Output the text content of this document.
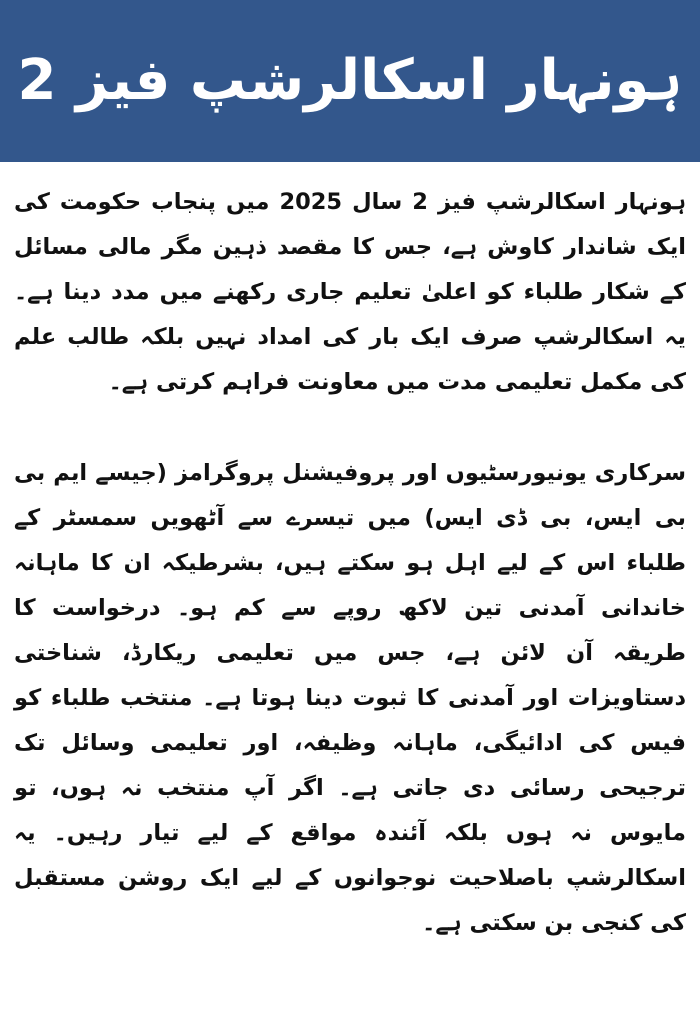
ہونہار اسکالرشپ فیز 2

ہونہار اسکالرشپ فیز 2 سال 2025 میں پنجاب حکومت کی ایک شاندار کاوش ہے، جس کا مقصد ذہین مگر مالی مسائل کے شکار طلباء کو اعلیٰ تعلیم جاری رکھنے میں مدد دینا ہے۔ یہ اسکالرشپ صرف ایک بار کی امداد نہیں بلکہ طالب علم کی مکمل تعلیمی مدت میں معاونت فراہم کرتی ہے۔

سرکاری یونیورسٹیوں اور پروفیشنل پروگرامز (جیسے ایم بی بی ایس، بی ڈی ایس) میں تیسرے سے آٹھویں سمسٹر کے طلباء اس کے لیے اہل ہو سکتے ہیں، بشرطیکہ ان کا ماہانہ خاندانی آمدنی تین لاکھ روپے سے کم ہو۔ درخواست کا طریقہ آن لائن ہے، جس میں تعلیمی ریکارڈ، شناختی دستاویزات اور آمدنی کا ثبوت دینا ہوتا ہے۔ منتخب طلباء کو فیس کی ادائیگی، ماہانہ وظیفہ، اور تعلیمی وسائل تک ترجیحی رسائی دی جاتی ہے۔ اگر آپ منتخب نہ ہوں، تو مایوس نہ ہوں بلکہ آئندہ مواقع کے لیے تیار رہیں۔ یہ اسکالرشپ باصلاحیت نوجوانوں کے لیے ایک روشن مستقبل کی کنجی بن سکتی ہے۔
